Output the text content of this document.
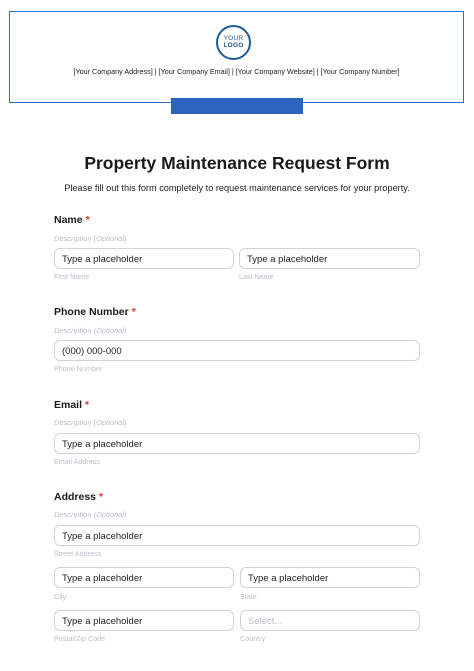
YOUR
LOGO
[Your Company Address] | [Your Company Email] | [Your Company Website] | [Your Company Number]
Property Maintenance Request Form
Please fill out this form completely to request maintenance services for your property.
Name *
Description (Optional)
Type a placeholder	Type a placeholder
First Name	Last Name
Phone Number *
Description (Optional)
(000) 000-000
Phone Number
Email *
Description (Optional)
Type a placeholder
Email Address
Address *
Description (Optional)
Type a placeholder
Street Address
Type a placeholder	Type a placeholder
City	State
Type a placeholder	Select...
Postal/Zip Code	Country
